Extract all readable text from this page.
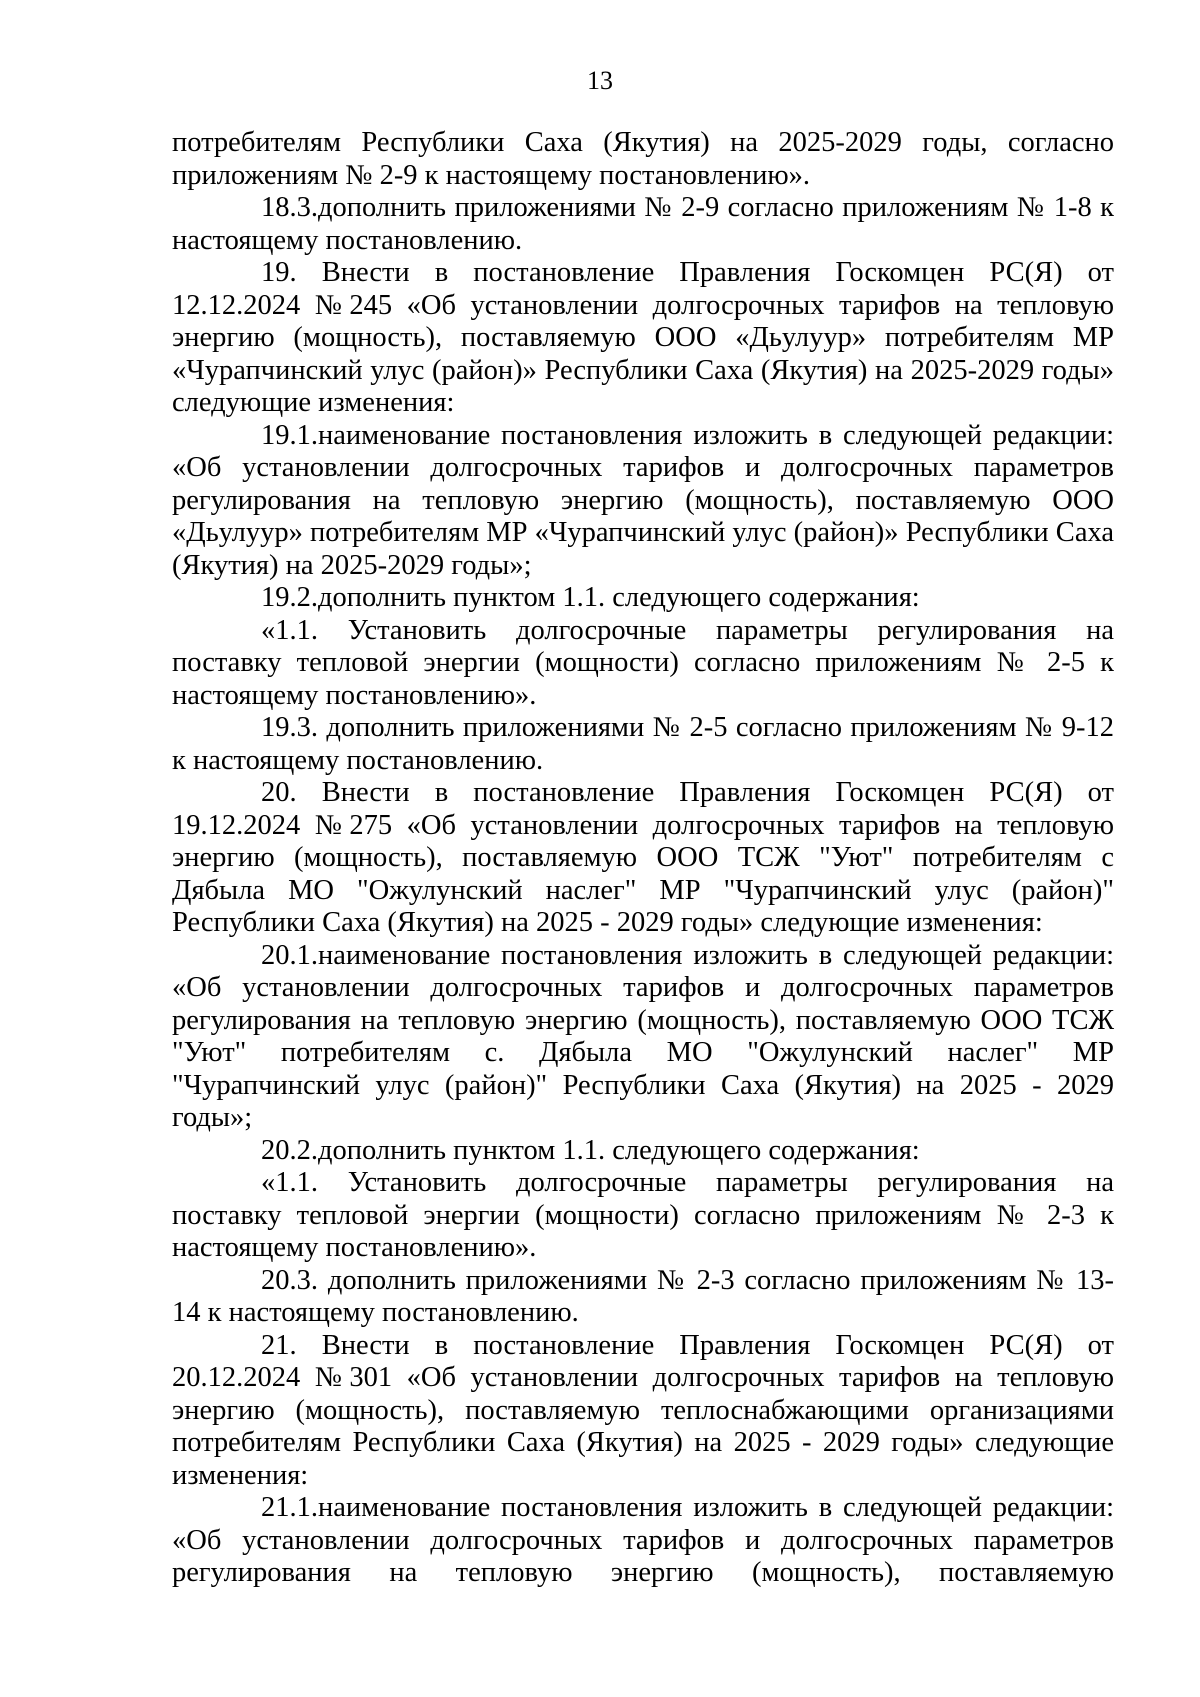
13

потребителям Республики Саха (Якутия) на 2025-2029 годы, согласно приложениям № 2-9 к настоящему постановлению».

18.3.дополнить приложениями № 2-9 согласно приложениям № 1-8 к настоящему постановлению.

19. Внести в постановление Правления Госкомцен РС(Я) от 12.12.2024 №245 «Об установлении долгосрочных тарифов на тепловую энергию (мощность), поставляемую ООО «Дьулуур» потребителям МР «Чурапчинский улус (район)» Республики Саха (Якутия) на 2025-2029 годы» следующие изменения:

19.1.наименование постановления изложить в следующей редакции: «Об установлении долгосрочных тарифов и долгосрочных параметров регулирования на тепловую энергию (мощность), поставляемую ООО «Дьулуур» потребителям МР «Чурапчинский улус (район)» Республики Саха (Якутия) на 2025-2029 годы»;

19.2.дополнить пунктом 1.1. следующего содержания:

«1.1. Установить долгосрочные параметры регулирования на поставку тепловой энергии (мощности) согласно приложениям № 2-5 к настоящему постановлению».

19.3. дополнить приложениями № 2-5 согласно приложениям № 9-12 к настоящему постановлению.

20. Внести в постановление Правления Госкомцен РС(Я) от 19.12.2024 №275 «Об установлении долгосрочных тарифов на тепловую энергию (мощность), поставляемую ООО ТСЖ "Уют" потребителям с Дябыла МО "Ожулунский наслег" МР "Чурапчинский улус (район)" Республики Саха (Якутия) на 2025 - 2029 годы» следующие изменения:

20.1.наименование постановления изложить в следующей редакции: «Об установлении долгосрочных тарифов и долгосрочных параметров регулирования на тепловую энергию (мощность), поставляемую ООО ТСЖ "Уют" потребителям с. Дябыла МО "Ожулунский наслег" МР "Чурапчинский улус (район)" Республики Саха (Якутия) на 2025 - 2029 годы»;

20.2.дополнить пунктом 1.1. следующего содержания:

«1.1. Установить долгосрочные параметры регулирования на поставку тепловой энергии (мощности) согласно приложениям № 2-3 к настоящему постановлению».

20.3. дополнить приложениями № 2-3 согласно приложениям № 13-14 к настоящему постановлению.

21. Внести в постановление Правления Госкомцен РС(Я) от 20.12.2024 №301 «Об установлении долгосрочных тарифов на тепловую энергию (мощность), поставляемую теплоснабжающими организациями потребителям Республики Саха (Якутия) на 2025 - 2029 годы» следующие изменения:

21.1.наименование постановления изложить в следующей редакции: «Об установлении долгосрочных тарифов и долгосрочных параметров регулирования на тепловую энергию (мощность), поставляемую
